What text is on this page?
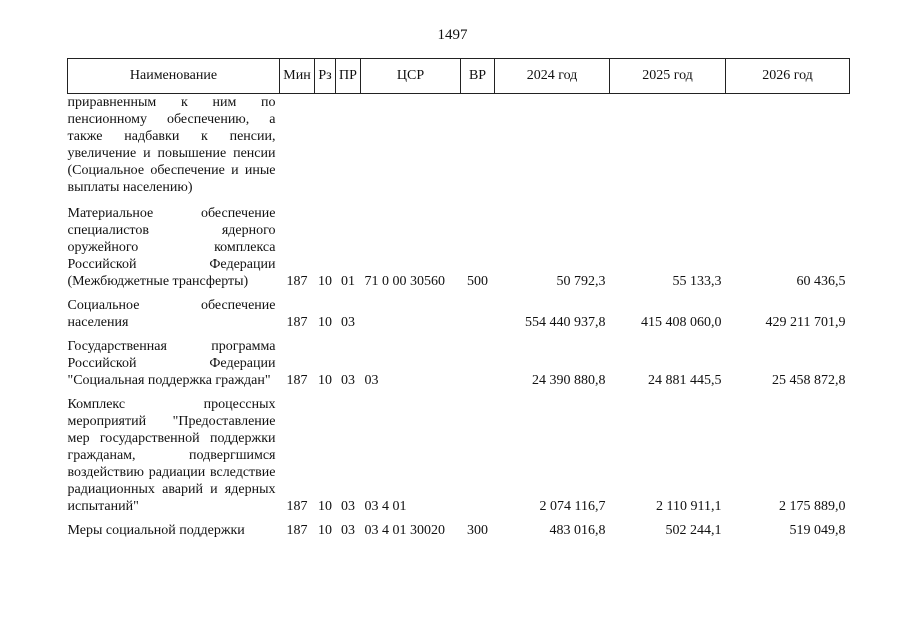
1497
Наименование	Мин	Рз	ПР	ЦСР	ВР	2024 год	2025 год	2026 год
приравненным к ним по пенсионному обеспечению, а также надбавки к пенсии, увеличение и повышение пенсии (Социальное обеспечение и иные выплаты населению)								
Материальное обеспечение специалистов ядерного оружейного комплекса Российской Федерации (Межбюджетные трансферты)	187	10	01	71 0 00 30560	500	50 792,3	55 133,3	60 436,5
Социальное обеспечение населения	187	10	03			554 440 937,8	415 408 060,0	429 211 701,9
Государственная программа Российской Федерации "Социальная поддержка граждан"	187	10	03	03		24 390 880,8	24 881 445,5	25 458 872,8
Комплекс процессных мероприятий "Предоставление мер государственной поддержки гражданам, подвергшимся воздействию радиации вследствие радиационных аварий и ядерных испытаний"	187	10	03	03 4 01		2 074 116,7	2 110 911,1	2 175 889,0
Меры социальной поддержки	187	10	03	03 4 01 30020	300	483 016,8	502 244,1	519 049,8
